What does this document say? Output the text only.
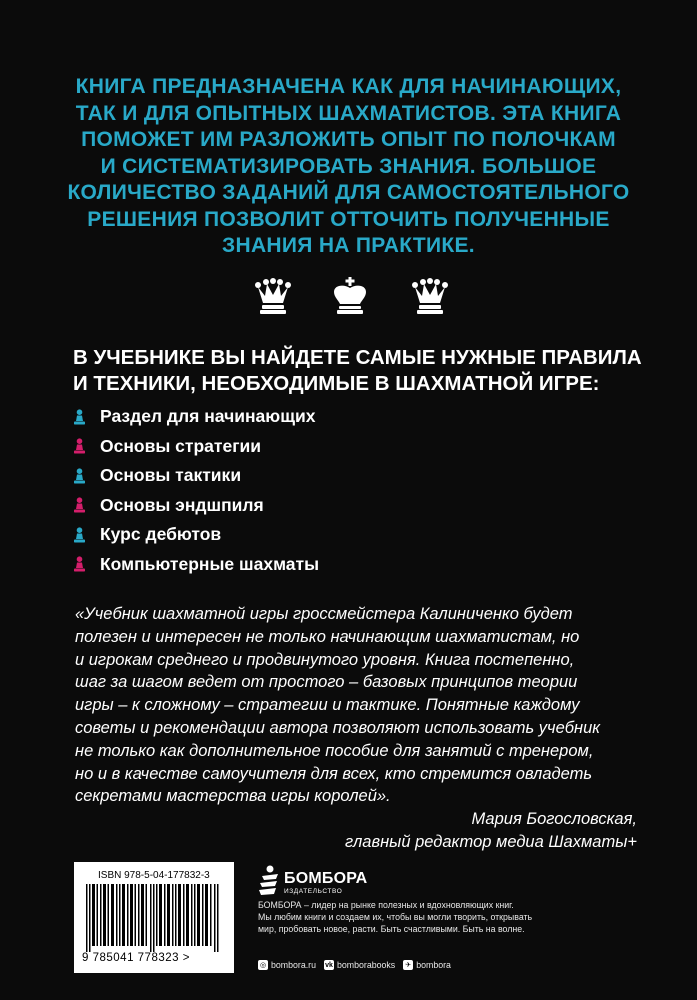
КНИГА ПРЕДНАЗНАЧЕНА КАК ДЛЯ НАЧИНАЮЩИХ,
ТАК И ДЛЯ ОПЫТНЫХ ШАХМАТИСТОВ. ЭТА КНИГА
ПОМОЖЕТ ИМ РАЗЛОЖИТЬ ОПЫТ ПО ПОЛОЧКАМ
И СИСТЕМАТИЗИРОВАТЬ ЗНАНИЯ. БОЛЬШОЕ
КОЛИЧЕСТВО ЗАДАНИЙ ДЛЯ САМОСТОЯТЕЛЬНОГО
РЕШЕНИЯ ПОЗВОЛИТ ОТТОЧИТЬ ПОЛУЧЕННЫЕ
ЗНАНИЯ НА ПРАКТИКЕ.
В УЧЕБНИКЕ ВЫ НАЙДЕТЕ САМЫЕ НУЖНЫЕ ПРАВИЛА
И ТЕХНИКИ, НЕОБХОДИМЫЕ В ШАХМАТНОЙ ИГРЕ:
Раздел для начинающих
Основы стратегии
Основы тактики
Основы эндшпиля
Курс дебютов
Компьютерные шахматы
«Учебник шахматной игры гроссмейстера Калиниченко будет
полезен и интересен не только начинающим шахматистам, но
и игрокам среднего и продвинутого уровня. Книга постепенно,
шаг за шагом ведет от простого – базовых принципов теории
игры – к сложному – стратегии и тактике. Понятные каждому
советы и рекомендации автора позволяют использовать учебник
не только как дополнительное пособие для занятий с тренером,
но и в качестве самоучителя для всех, кто стремится овладеть
секретами мастерства игры королей».
Мария Богословская,
главный редактор медиа Шахматы+
ISBN 978-5-04-177832-3
9 785041 778323 >
БОМБОРА
ИЗДАТЕЛЬСТВО
БОМБОРА – лидер на рынке полезных и вдохновляющих книг.
Мы любим книги и создаем их, чтобы вы могли творить, открывать
мир, пробовать новое, расти. Быть счастливыми. Быть на волне.
◎ bombora.ru vk bomborabooks ✈ bombora
